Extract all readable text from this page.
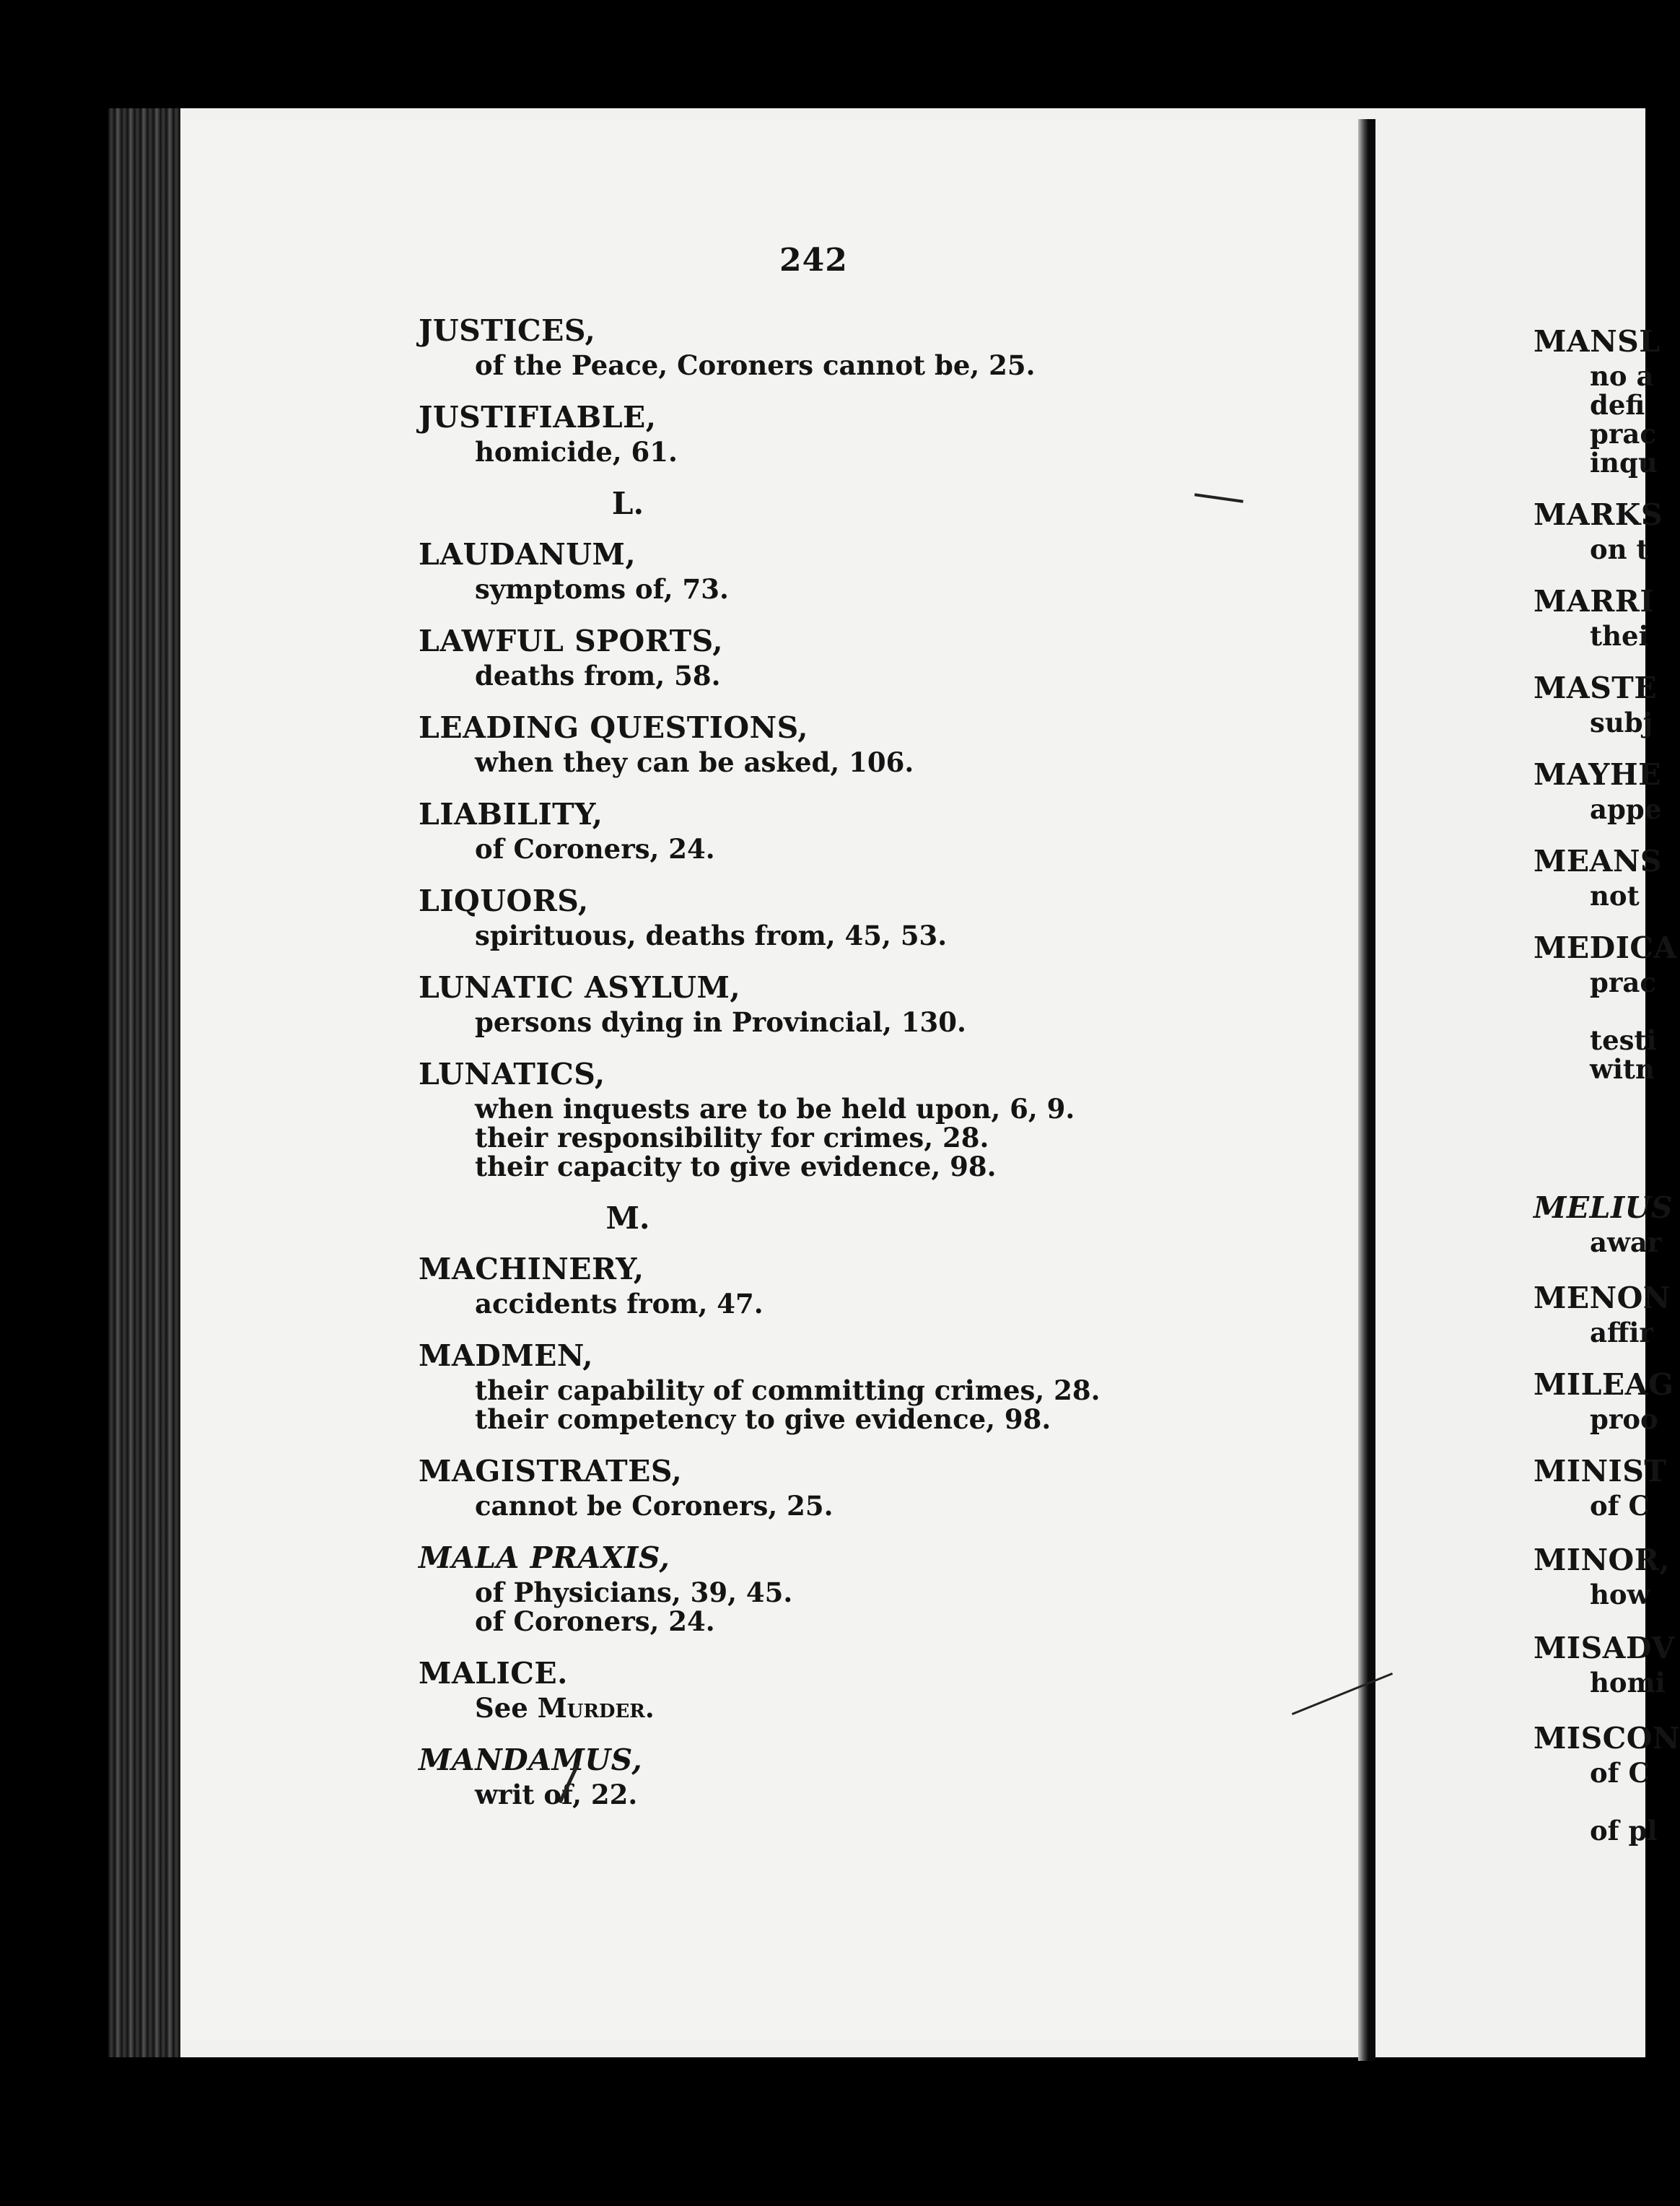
242
JUSTICES,
of the Peace, Coroners cannot be, 25.
JUSTIFIABLE,
homicide, 61.
L.
LAUDANUM,
symptoms of, 73.
LAWFUL SPORTS,
deaths from, 58.
LEADING QUESTIONS,
when they can be asked, 106.
LIABILITY,
of Coroners, 24.
LIQUORS,
spirituous, deaths from, 45, 53.
LUNATIC ASYLUM,
persons dying in Provincial, 130.
LUNATICS,
when inquests are to be held upon, 6, 9.
their responsibility for crimes, 28.
their capacity to give evidence, 98.
M.
MACHINERY,
accidents from, 47.
MADMEN,
their capability of committing crimes, 28.
their competency to give evidence, 98.
MAGISTRATES,
cannot be Coroners, 25.
MALA PRAXIS,
of Physicians, 39, 45.
of Coroners, 24.
MALICE.
See Murder.
MANDAMUS,
writ of, 22.
MANSL
no a
defi
prac
inqu
MARKS
on t
MARRI
thei
MASTE
subj
MAYHE
appe
MEANS
not
MEDICA
prac

testi
witn
MELIUS
awar
MENON
affir
MILEAG
proo
MINIST
of C
MINOR,
how
MISADV
homi
MISCON
of C

of pl
